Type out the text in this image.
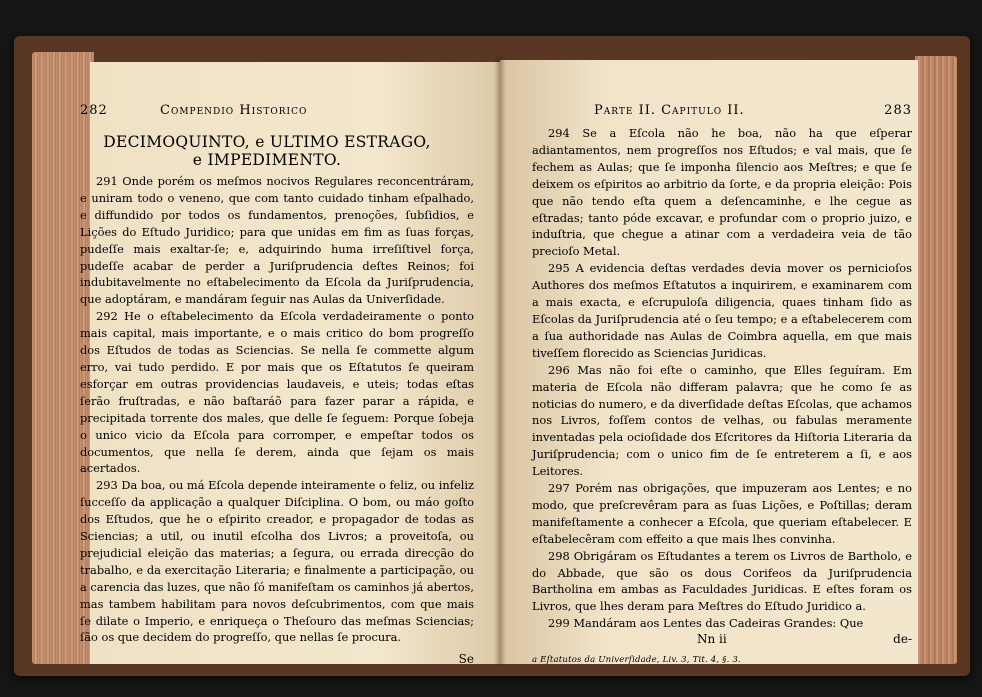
282	Compendio Historico
DECIMOQUINTO, e ULTIMO ESTRAGO,
e IMPEDIMENTO.

291 Onde porém os meſmos nocivos Regulares reconcentráram, e uniram todo o veneno, que com tanto cuidado tinham eſpalhado, e diffundido por todos os fundamentos, prenoções, ſubſidios, e Lições do Eſtudo Juridico; para que unidas em fim as ſuas forças, pudeſſe mais exaltar-ſe; e, adquirindo huma irreſiſtivel força, pudeſſe acabar de perder a Juriſprudencia deſtes Reinos; foi indubitavelmente no eſtabelecimento da Eſcola da Juriſprudencia, que adoptáram, e mandáram ſeguir nas Aulas da Univerſidade.

292 He o eſtabelecimento da Eſcola verdadeiramente o ponto mais capital, mais importante, e o mais critico do bom progreſſo dos Eſtudos de todas as Sciencias. Se nella ſe commette algum erro, vai tudo perdido. E por mais que os Eſtatutos ſe queiram esforçar em outras providencias laudaveis, e uteis; todas eſtas ſerão fruſtradas, e não baſtaráõ para fazer parar a rápida, e precipitada torrente dos males, que delle ſe ſeguem: Porque ſobeja o unico vicio da Eſcola para corromper, e empeſtar todos os documentos, que nella ſe derem, ainda que ſejam os mais acertados.

293 Da boa, ou má Eſcola depende inteiramente o feliz, ou infeliz ſucceſſo da applicação a qualquer Diſciplina. O bom, ou máo goſto dos Eſtudos, que he o eſpirito creador, e propagador de todas as Sciencias; a util, ou inutil eſcolha dos Livros; a proveitoſa, ou prejudicial eleição das materias; a ſegura, ou errada direcção do trabalho, e da exercitação Literaria; e finalmente a participação, ou a carencia das luzes, que não ſó manifeſtam os caminhos já abertos, mas tambem habilitam para novos deſcubrimentos, com que mais ſe dilate o Imperio, e enriqueça o Theſouro das meſmas Sciencias; ſão os que decidem do progreſſo, que nellas ſe procura.

Se
Parte II. Capitulo II.	283

294 Se a Eſcola não he boa, não ha que eſperar adiantamentos, nem progreſſos nos Eſtudos; e val mais, que ſe fechem as Aulas; que ſe imponha ſilencio aos Meſtres; e que ſe deixem os eſpiritos ao arbitrio da ſorte, e da propria eleição: Pois que não tendo eſta quem a deſencaminhe, e lhe cegue as eſtradas; tanto póde excavar, e profundar com o proprio juizo, e induſtria, que chegue a atinar com a verdadeira veia de tão precioſo Metal.

295 A evidencia deſtas verdades devia mover os pernicioſos Authores dos meſmos Eſtatutos a inquirirem, e examinarem com a mais exacta, e eſcrupuloſa diligencia, quaes tinham ſido as Eſcolas da Juriſprudencia até o ſeu tempo; e a eſtabelecerem com a ſua authoridade nas Aulas de Coimbra aquella, em que mais tiveſſem florecido as Sciencias Juridicas.

296 Mas não foi eſte o caminho, que Elles ſeguíram. Em materia de Eſcola não differam palavra; que he como ſe as noticias do numero, e da diverſidade deſtas Eſcolas, que achamos nos Livros, foſſem contos de velhas, ou fabulas meramente inventadas pela ocioſidade dos Eſcritores da Hiſtoria Literaria da Juriſprudencia; com o unico fim de ſe entreterem a ſi, e aos Leitores.

297 Porém nas obrigações, que impuzeram aos Lentes; e no modo, que preſcrevêram para as ſuas Lições, e Poſtillas; deram manifeſtamente a conhecer a Eſcola, que queriam eſtabelecer. E eſtabelecêram com effeito a que mais lhes convinha.

298 Obrigáram os Eſtudantes a terem os Livros de Bartholo, e do Abbade, que são os dous Corifeos da Juriſprudencia Bartholina em ambas as Faculdades Juridicas. E eſtes foram os Livros, que lhes deram para Meſtres do Eſtudo Juridico a.

299 Mandáram aos Lentes das Cadeiras Grandes: Que

Nn ii	de-
a Eſtatutos da Univerſidade, Liv. 3, Tit. 4, §. 3.
